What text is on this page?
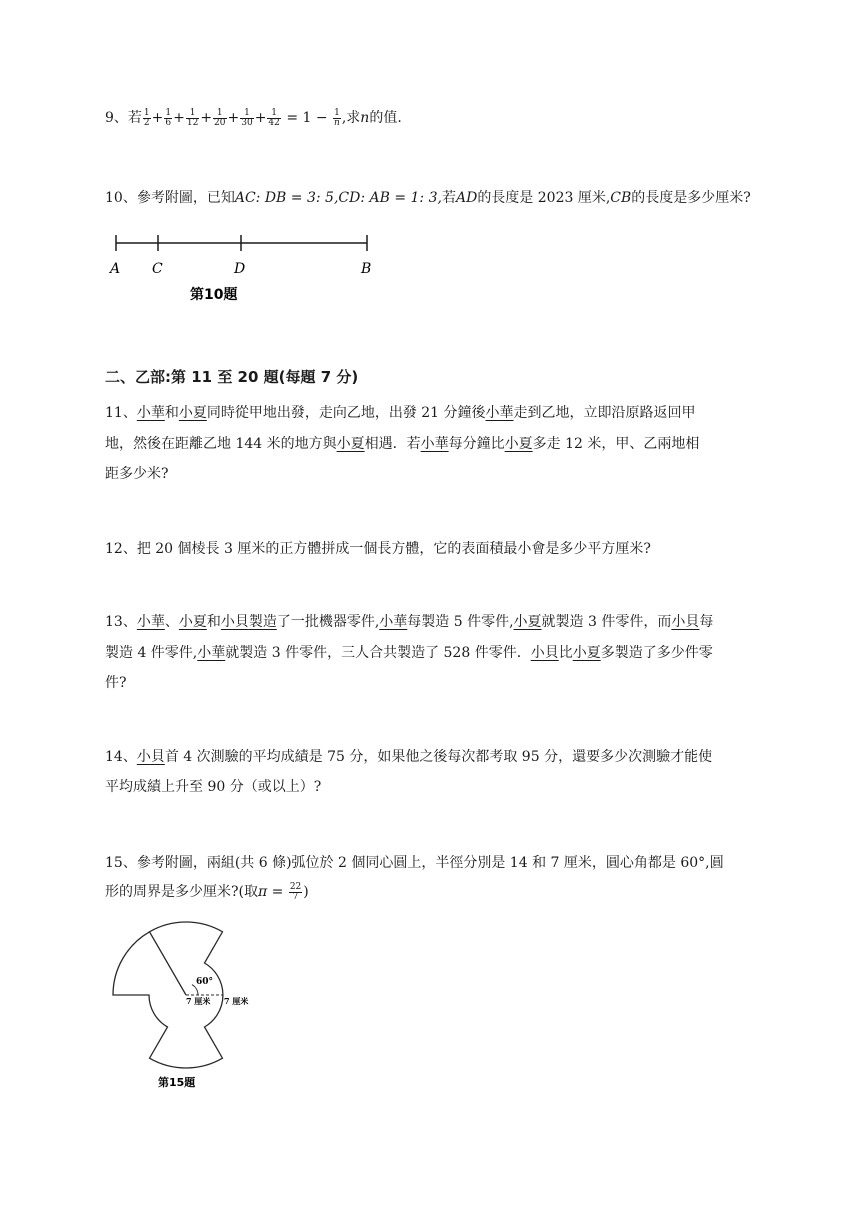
9、若 $\frac{1}{2} + \frac{1}{6} + \frac{1}{12} + \frac{1}{20} + \frac{1}{30} + \frac{1}{42} = 1 - \frac{1}{n}$ ,求n的值.
10、參考附圖，已知AC: DB = 3: 5,CD: AB = 1: 3,若AD的長度是 2023 厘米,CB的長度是多少厘米?
A C	D	B
第10題
二、乙部:第 11 至 20 題(每題 7 分)
11、小華和小夏同時從甲地出發，走向乙地，出發 21 分鐘後小華走到乙地，立即沿原路返回甲
地，然後在距離乙地 144 米的地方與小夏相遇．若小華每分鐘比小夏多走 12 米，甲、乙兩地相
距多少米?
12、把 20 個棱長 3 厘米的正方體拼成一個長方體，它的表面積最小會是多少平方厘米?
13、小華、小夏和小貝製造了一批機器零件,小華每製造 5 件零件,小夏就製造 3 件零件，而小貝每
製造 4 件零件,小華就製造 3 件零件，三人合共製造了 528 件零件．小貝比小夏多製造了多少件零
件?
14、小貝首 4 次測驗的平均成績是 75 分，如果他之後每次都考取 95 分，還要多少次測驗才能使
平均成績上升至 90 分（或以上）?
15、參考附圖，兩組(共 6 條)弧位於 2 個同心圓上，半徑分別是 14 和 7 厘米，圓心角都是 60°,圓
形的周界是多少厘米?(取$\pi = \frac{22}{7}$ )
60°
7 厘米 7 厘米
第15題
